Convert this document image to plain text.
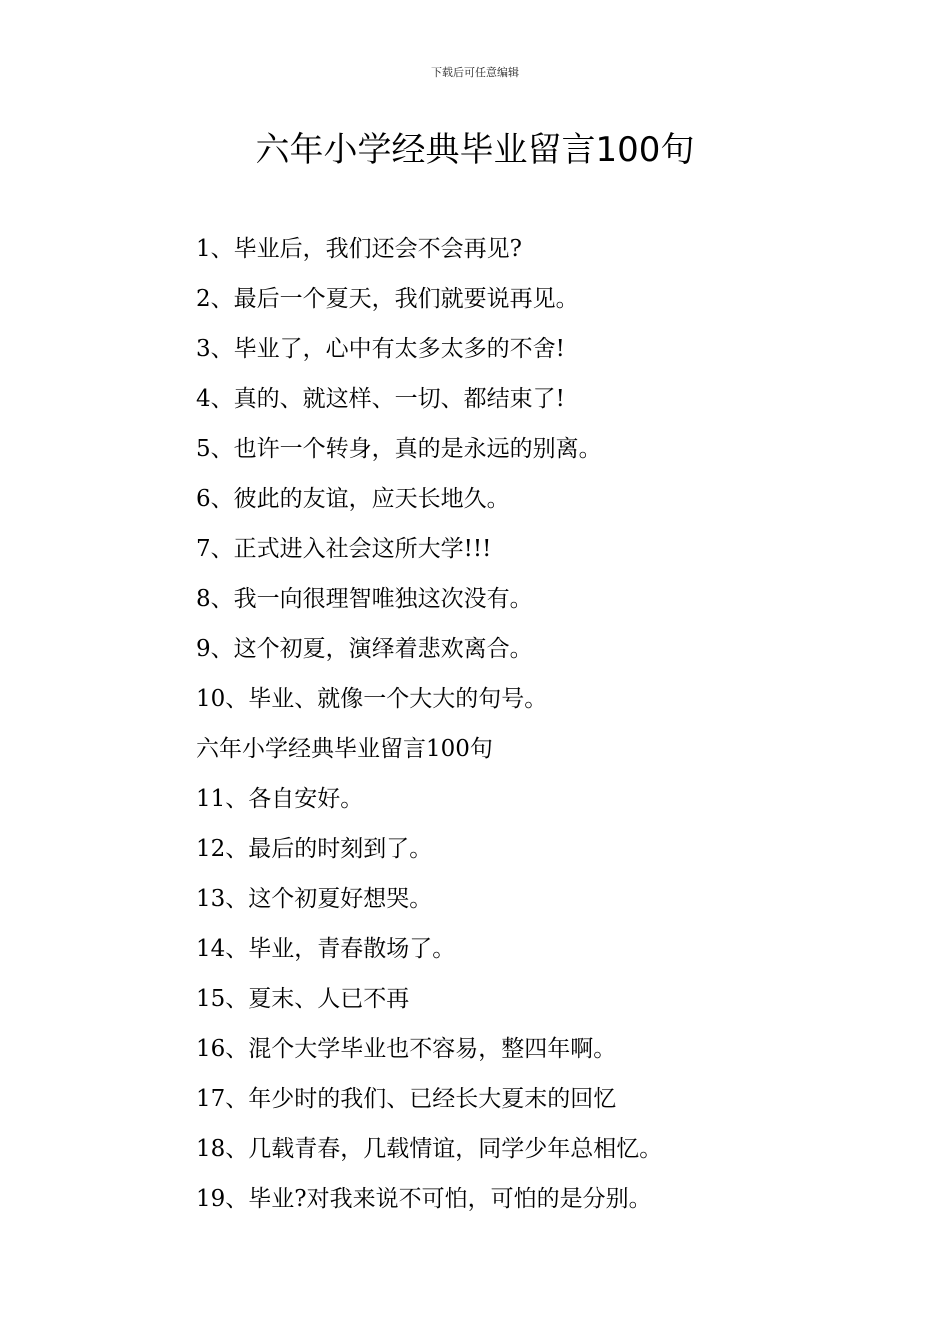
下载后可任意编辑
六年小学经典毕业留言100句
1、毕业后，我们还会不会再见?
2、最后一个夏天，我们就要说再见。
3、毕业了，心中有太多太多的不舍!
4、真的、就这样、一切、都结束了!
5、也许一个转身，真的是永远的别离。
6、彼此的友谊，应天长地久。
7、正式进入社会这所大学!!!
8、我一向很理智唯独这次没有。
9、这个初夏，演绎着悲欢离合。
10、毕业、就像一个大大的句号。
六年小学经典毕业留言100句
11、各自安好。
12、最后的时刻到了。
13、这个初夏好想哭。
14、毕业，青春散场了。
15、夏末、人已不再
16、混个大学毕业也不容易，整四年啊。
17、年少时的我们、已经长大夏末的回忆
18、几载青春，几载情谊，同学少年总相忆。
19、毕业?对我来说不可怕，可怕的是分别。
